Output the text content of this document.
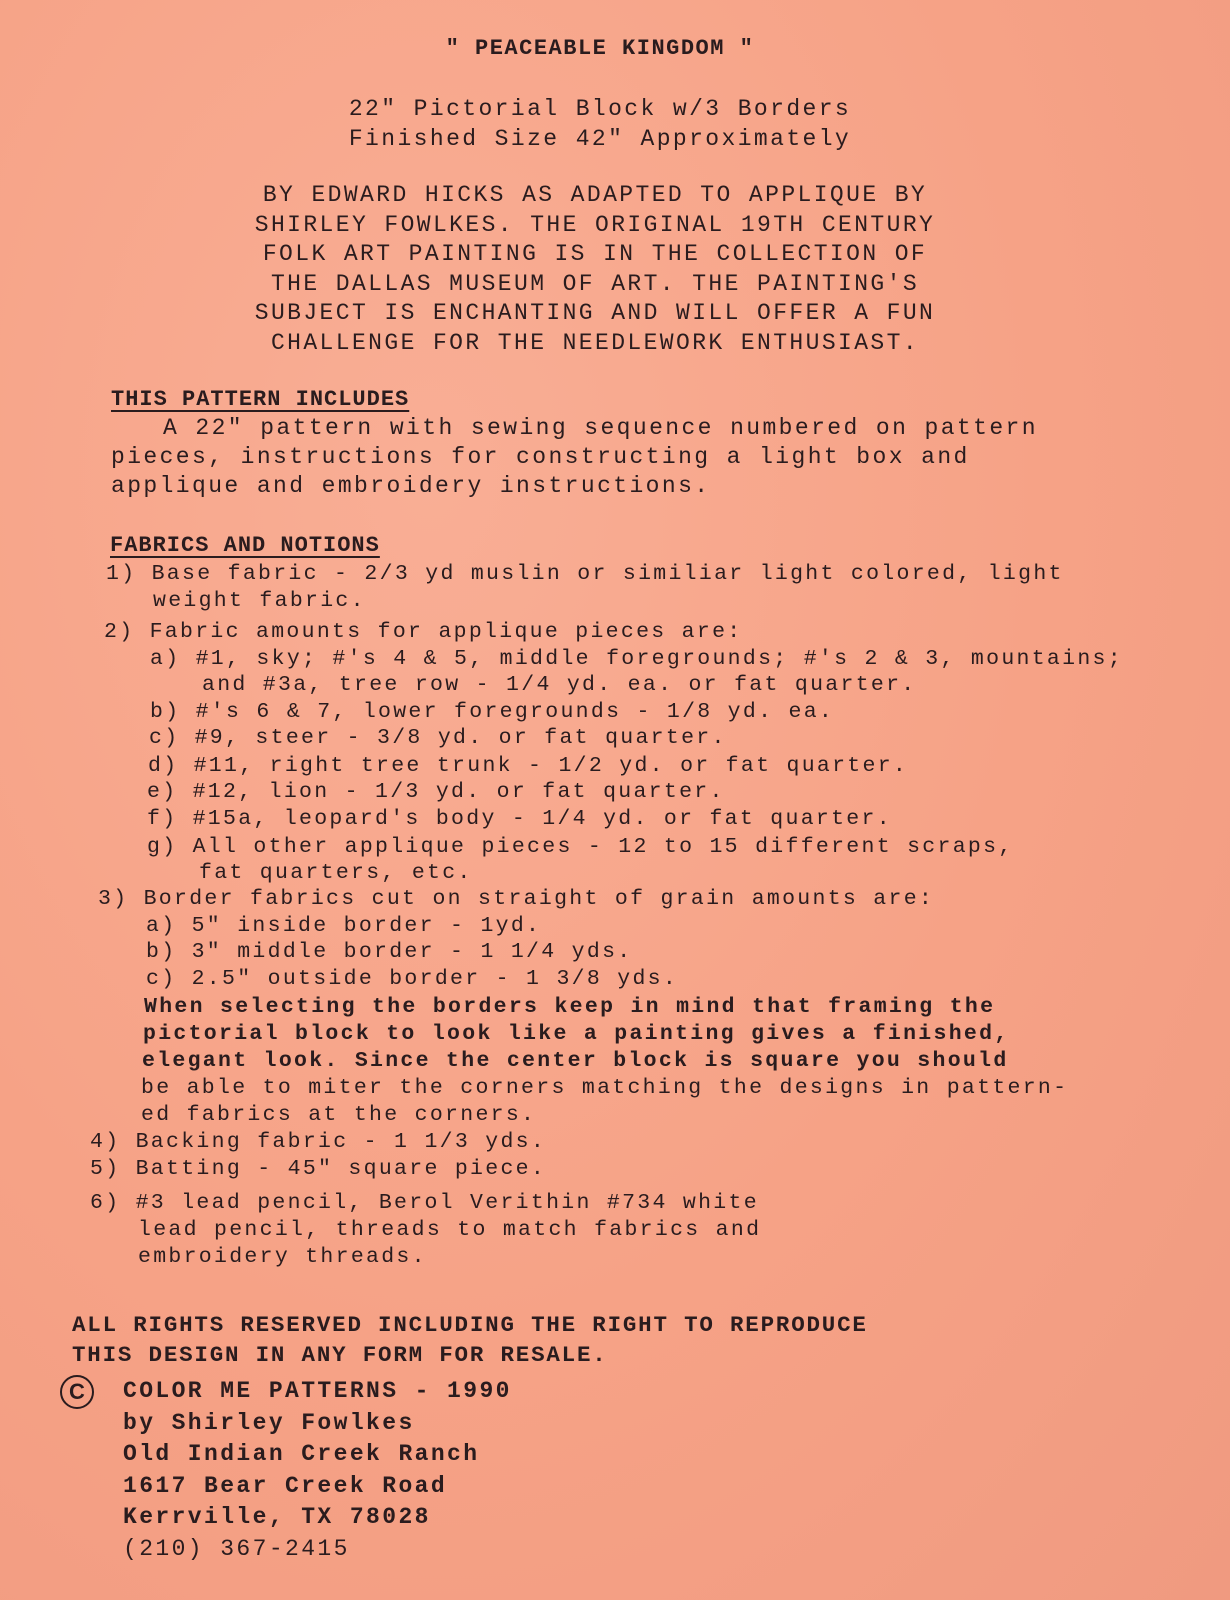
" PEACEABLE KINGDOM "
22" Pictorial Block w/3 Borders
Finished Size 42" Approximately
BY EDWARD HICKS AS ADAPTED TO APPLIQUE BY
SHIRLEY FOWLKES. THE ORIGINAL 19TH CENTURY
FOLK ART PAINTING IS IN THE COLLECTION OF
THE DALLAS MUSEUM OF ART. THE PAINTING'S
SUBJECT IS ENCHANTING AND WILL OFFER A FUN
CHALLENGE FOR THE NEEDLEWORK ENTHUSIAST.
THIS PATTERN INCLUDES
A 22" pattern with sewing sequence numbered on pattern pieces, instructions for constructing a light box and applique and embroidery instructions.
FABRICS AND NOTIONS
1) Base fabric - 2/3 yd muslin or similiar light colored, light
weight fabric.
2) Fabric amounts for applique pieces are:
a) #1, sky; #'s 4 & 5, middle foregrounds; #'s 2 & 3, mountains;
and #3a, tree row - 1/4 yd. ea. or fat quarter.
b) #'s 6 & 7, lower foregrounds - 1/8 yd. ea.
c) #9, steer - 3/8 yd. or fat quarter.
d) #11, right tree trunk - 1/2 yd. or fat quarter.
e) #12, lion - 1/3 yd. or fat quarter.
f) #15a, leopard's body - 1/4 yd. or fat quarter.
g) All other applique pieces - 12 to 15 different scraps,
fat quarters, etc.
3) Border fabrics cut on straight of grain amounts are:
a) 5" inside border - 1yd.
b) 3" middle border - 1 1/4 yds.
c) 2.5" outside border - 1 3/8 yds.
When selecting the borders keep in mind that framing the
pictorial block to look like a painting gives a finished,
elegant look. Since the center block is square you should
be able to miter the corners matching the designs in pattern-
ed fabrics at the corners.
4) Backing fabric - 1 1/3 yds.
5) Batting - 45" square piece.
6) #3 lead pencil, Berol Verithin #734 white
lead pencil, threads to match fabrics and
embroidery threads.
ALL RIGHTS RESERVED INCLUDING THE RIGHT TO REPRODUCE
THIS DESIGN IN ANY FORM FOR RESALE.
C	COLOR ME PATTERNS - 1990
by Shirley Fowlkes
Old Indian Creek Ranch
1617 Bear Creek Road
Kerrville, TX 78028
(210) 367-2415
